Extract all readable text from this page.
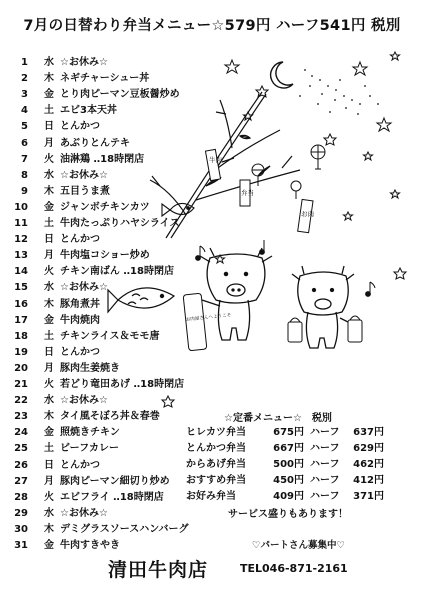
7月の日替わり弁当メニュー☆579円 ハーフ541円 税別
1 水 ☆お休み☆
2 木 ネギチャーシュー丼
3 金 とり肉ピーマン豆板醤炒め
4 土 エビ3本天丼
5 日 とんかつ
6 月 あぶりとんテキ
7 火 油淋鶏 ‥18時閉店
8 水 ☆お休み☆
9 木 五目うま煮
10 金 ジャンボチキンカツ
11 土 牛肉たっぷりハヤシライス
12 日 とんかつ
13 月 牛肉塩コショー炒め
14 火 チキン南ばん ‥18時閉店
15 水 ☆お休み☆
16 木 豚角煮丼
17 金 牛肉焼肉
18 土 チキンライス＆モモ唐
19 日 とんかつ
20 月 豚肉生姜焼き
21 火 若どり竜田あげ ‥18時閉店
22 水 ☆お休み☆
23 木 タイ風そぼろ丼＆春巻
24 金 照焼きチキン
25 土 ビーフカレー
26 日 とんかつ
27 月 豚肉ピーマン細切り炒め
28 火 エビフライ ‥18時閉店
29 水 ☆お休み☆
30 木 デミグラスソースハンバーグ
31 金 牛肉すきやき
牛肉
弁当
お肉
お肉屋さんへようこそ
☆定番メニュー☆　税別
ヒレカツ弁当	675円 ハーフ	637円
とんかつ弁当	667円 ハーフ	629円
からあげ弁当	500円 ハーフ	462円
おすすめ弁当	450円 ハーフ	412円
お好み弁当	409円 ハーフ	371円
サービス盛りもあります！
♡パートさん募集中♡
清田牛肉店	TEL046-871-2161
